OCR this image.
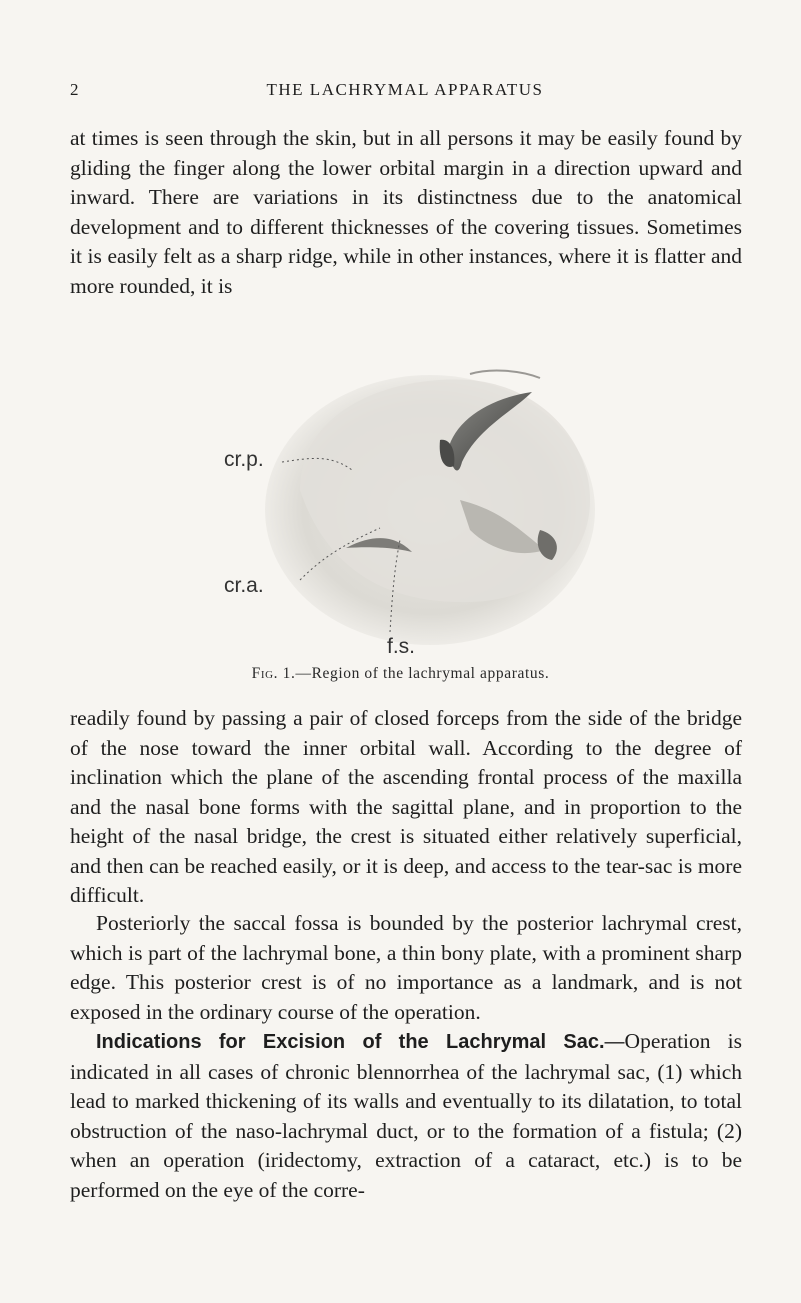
2	THE LACHRYMAL APPARATUS

at times is seen through the skin, but in all persons it may be easily found by gliding the finger along the lower orbital margin in a direction upward and inward. There are variations in its distinctness due to the anatomical development and to different thicknesses of the covering tissues. Sometimes it is easily felt as a sharp ridge, while in other instances, where it is flatter and more rounded, it is

cr.p.
cr.a.
f.s.
Fig. 1.—Region of the lachrymal apparatus.

readily found by passing a pair of closed forceps from the side of the bridge of the nose toward the inner orbital wall. According to the degree of inclination which the plane of the ascending frontal process of the maxilla and the nasal bone forms with the sagittal plane, and in proportion to the height of the nasal bridge, the crest is situated either relatively superficial, and then can be reached easily, or it is deep, and access to the tear-sac is more difficult.

Posteriorly the saccal fossa is bounded by the posterior lachrymal crest, which is part of the lachrymal bone, a thin bony plate, with a prominent sharp edge. This posterior crest is of no importance as a landmark, and is not exposed in the ordinary course of the operation.

Indications for Excision of the Lachrymal Sac.—Operation is indicated in all cases of chronic blennorrhea of the lachrymal sac, (1) which lead to marked thickening of its walls and eventually to its dilatation, to total obstruction of the naso-lachrymal duct, or to the formation of a fistula; (2) when an operation (iridectomy, extraction of a cataract, etc.) is to be performed on the eye of the corre-
